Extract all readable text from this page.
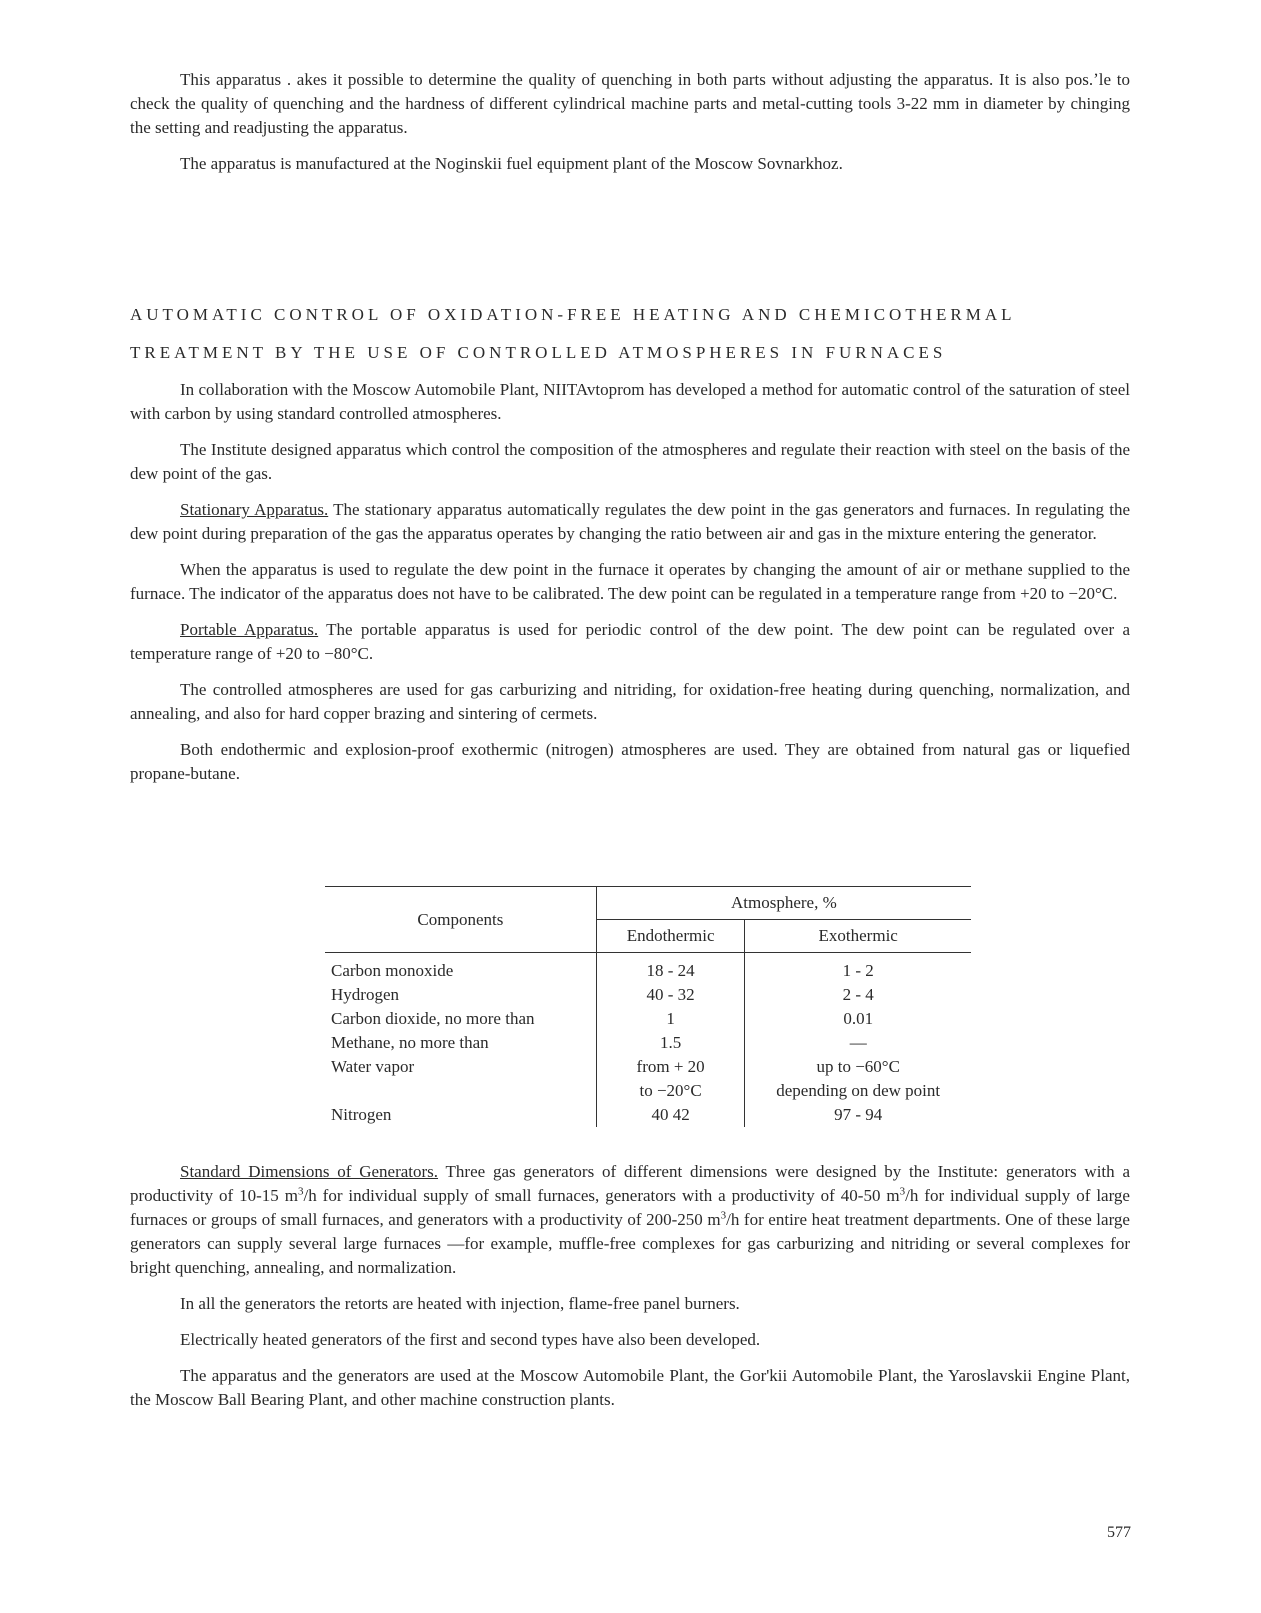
This apparatus . akes it possible to determine the quality of quenching in both parts without adjusting the apparatus. It is also pos.ʼle to check the quality of quenching and the hardness of different cylindrical machine parts and metal-cutting tools 3-22 mm in diameter by chinging the setting and readjusting the apparatus.

The apparatus is manufactured at the Noginskii fuel equipment plant of the Moscow Sovnarkhoz.

AUTOMATIC CONTROL OF OXIDATION-FREE HEATING AND CHEMICOTHERMAL
TREATMENT BY THE USE OF CONTROLLED ATMOSPHERES IN FURNACES

In collaboration with the Moscow Automobile Plant, NIITAvtoprom has developed a method for automatic control of the saturation of steel with carbon by using standard controlled atmospheres.

The Institute designed apparatus which control the composition of the atmospheres and regulate their reaction with steel on the basis of the dew point of the gas.

Stationary Apparatus. The stationary apparatus automatically regulates the dew point in the gas generators and furnaces. In regulating the dew point during preparation of the gas the apparatus operates by changing the ratio between air and gas in the mixture entering the generator.

When the apparatus is used to regulate the dew point in the furnace it operates by changing the amount of air or methane supplied to the furnace. The indicator of the apparatus does not have to be calibrated. The dew point can be regulated in a temperature range from +20 to −20°C.

Portable Apparatus. The portable apparatus is used for periodic control of the dew point. The dew point can be regulated over a temperature range of +20 to −80°C.

The controlled atmospheres are used for gas carburizing and nitriding, for oxidation-free heating during quenching, normalization, and annealing, and also for hard copper brazing and sintering of cermets.

Both endothermic and explosion-proof exothermic (nitrogen) atmospheres are used. They are obtained from natural gas or liquefied propane-butane.

Components	Atmosphere, %	
	Endothermic	Exothermic
Carbon monoxide	18 - 24	1 - 2
Hydrogen	40 - 32	2 - 4
Carbon dioxide, no more than	1	0.01
Methane, no more than	1.5	—
Water vapor	from + 20	up to −60°C
	to −20°C	depending on dew point
Nitrogen	40 42	97 - 94

Standard Dimensions of Generators. Three gas generators of different dimensions were designed by the Institute: generators with a productivity of 10-15 $m^3/h$ for individual supply of small furnaces, generators with a productivity of 40-50 $m^3/h$ for individual supply of large furnaces or groups of small furnaces, and generators with a productivity of 200-250 $m^3/h$ for entire heat treatment departments. One of these large generators can supply several large furnaces —for example, muffle-free complexes for gas carburizing and nitriding or several complexes for bright quenching, annealing, and normalization.

In all the generators the retorts are heated with injection, flame-free panel burners.

Electrically heated generators of the first and second types have also been developed.

The apparatus and the generators are used at the Moscow Automobile Plant, the Gor'kii Automobile Plant, the Yaroslavskii Engine Plant, the Moscow Ball Bearing Plant, and other machine construction plants.

577
